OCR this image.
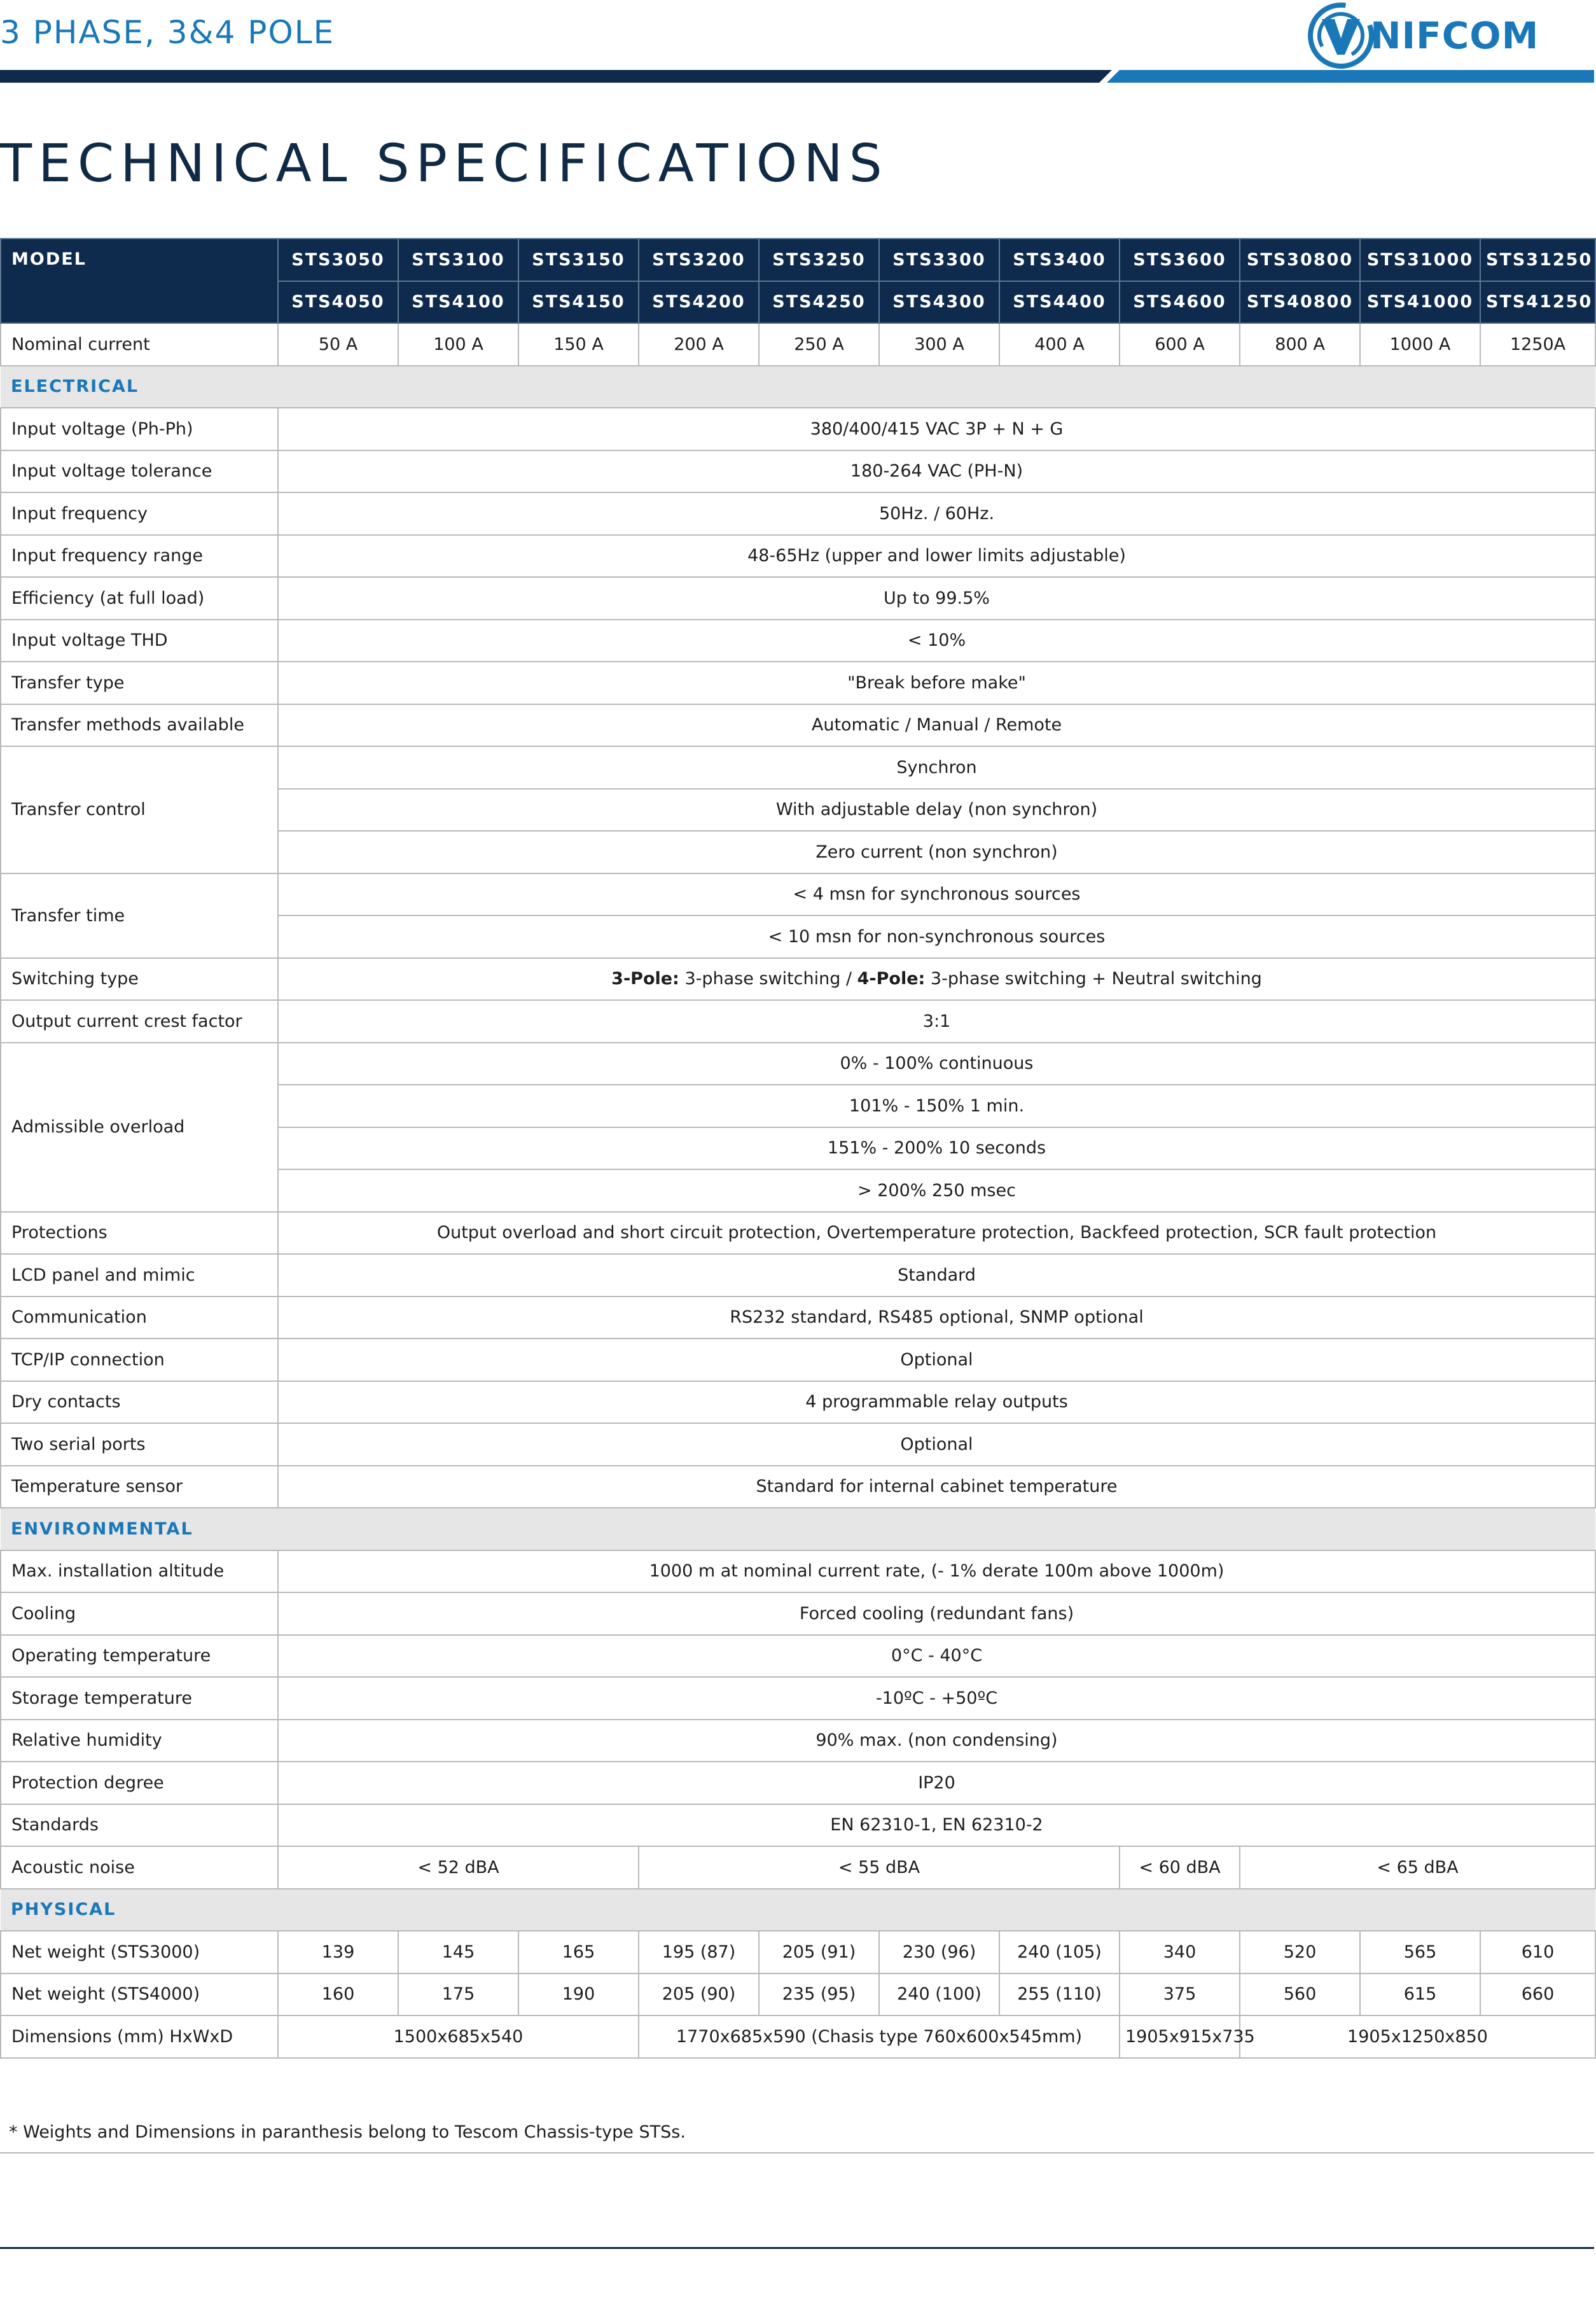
3 PHASE, 3&4 POLE	NIFCOM
TECHNICAL SPECIFICATIONS
MODEL	STS3050	STS3100	STS3150	STS3200	STS3250	STS3300	STS3400	STS3600	STS30800	STS31000	STS31250
	STS4050	STS4100	STS4150	STS4200	STS4250	STS4300	STS4400	STS4600	STS40800	STS41000	STS41250
Nominal current	50 A	100 A	150 A	200 A	250 A	300 A	400 A	600 A	800 A	1000 A	1250A
ELECTRICAL											
Input voltage (Ph-Ph)	380/400/415 VAC 3P + N + G										
Input voltage tolerance	180-264 VAC (PH-N)										
Input frequency	50Hz. / 60Hz.										
Input frequency range	48-65Hz (upper and lower limits adjustable)										
Efficiency (at full load)	Up to 99.5%										
Input voltage THD	< 10%										
Transfer type	"Break before make"										
Transfer methods available	Automatic / Manual / Remote										
Transfer control	Synchron										
	With adjustable delay (non synchron)										
	Zero current (non synchron)										
Transfer time	< 4 msn for synchronous sources										
	< 10 msn for non-synchronous sources										
Switching type	3-Pole: 3-phase switching / 4-Pole: 3-phase switching + Neutral switching										
Output current crest factor	3:1										
Admissible overload	0% - 100% continuous										
	101% - 150% 1 min.										
	151% - 200% 10 seconds										
	> 200% 250 msec										
Protections	Output overload and short circuit protection, Overtemperature protection, Backfeed protection, SCR fault protection										
LCD panel and mimic	Standard										
Communication	RS232 standard, RS485 optional, SNMP optional										
TCP/IP connection	Optional										
Dry contacts	4 programmable relay outputs										
Two serial ports	Optional										
Temperature sensor	Standard for internal cabinet temperature										
ENVIRONMENTAL											
Max. installation altitude	1000 m at nominal current rate, (- 1% derate 100m above 1000m)										
Cooling	Forced cooling (redundant fans)										
Operating temperature	0°C - 40°C										
Storage temperature	-10ºC - +50ºC										
Relative humidity	90% max. (non condensing)										
Protection degree	IP20										
Standards	EN 62310-1, EN 62310-2										
Acoustic noise	< 52 dBA			< 55 dBA				< 60 dBA	< 65 dBA		
PHYSICAL											
Net weight (STS3000)	139	145	165	195 (87)	205 (91)	230 (96)	240 (105)	340	520	565	610
Net weight (STS4000)	160	175	190	205 (90)	235 (95)	240 (100)	255 (110)	375	560	615	660
Dimensions (mm) HxWxD	1500x685x540			1770x685x590 (Chasis type 760x600x545mm)				1905x915x735	1905x1250x850		
* Weights and Dimensions in paranthesis belong to Tescom Chassis-type STSs.
